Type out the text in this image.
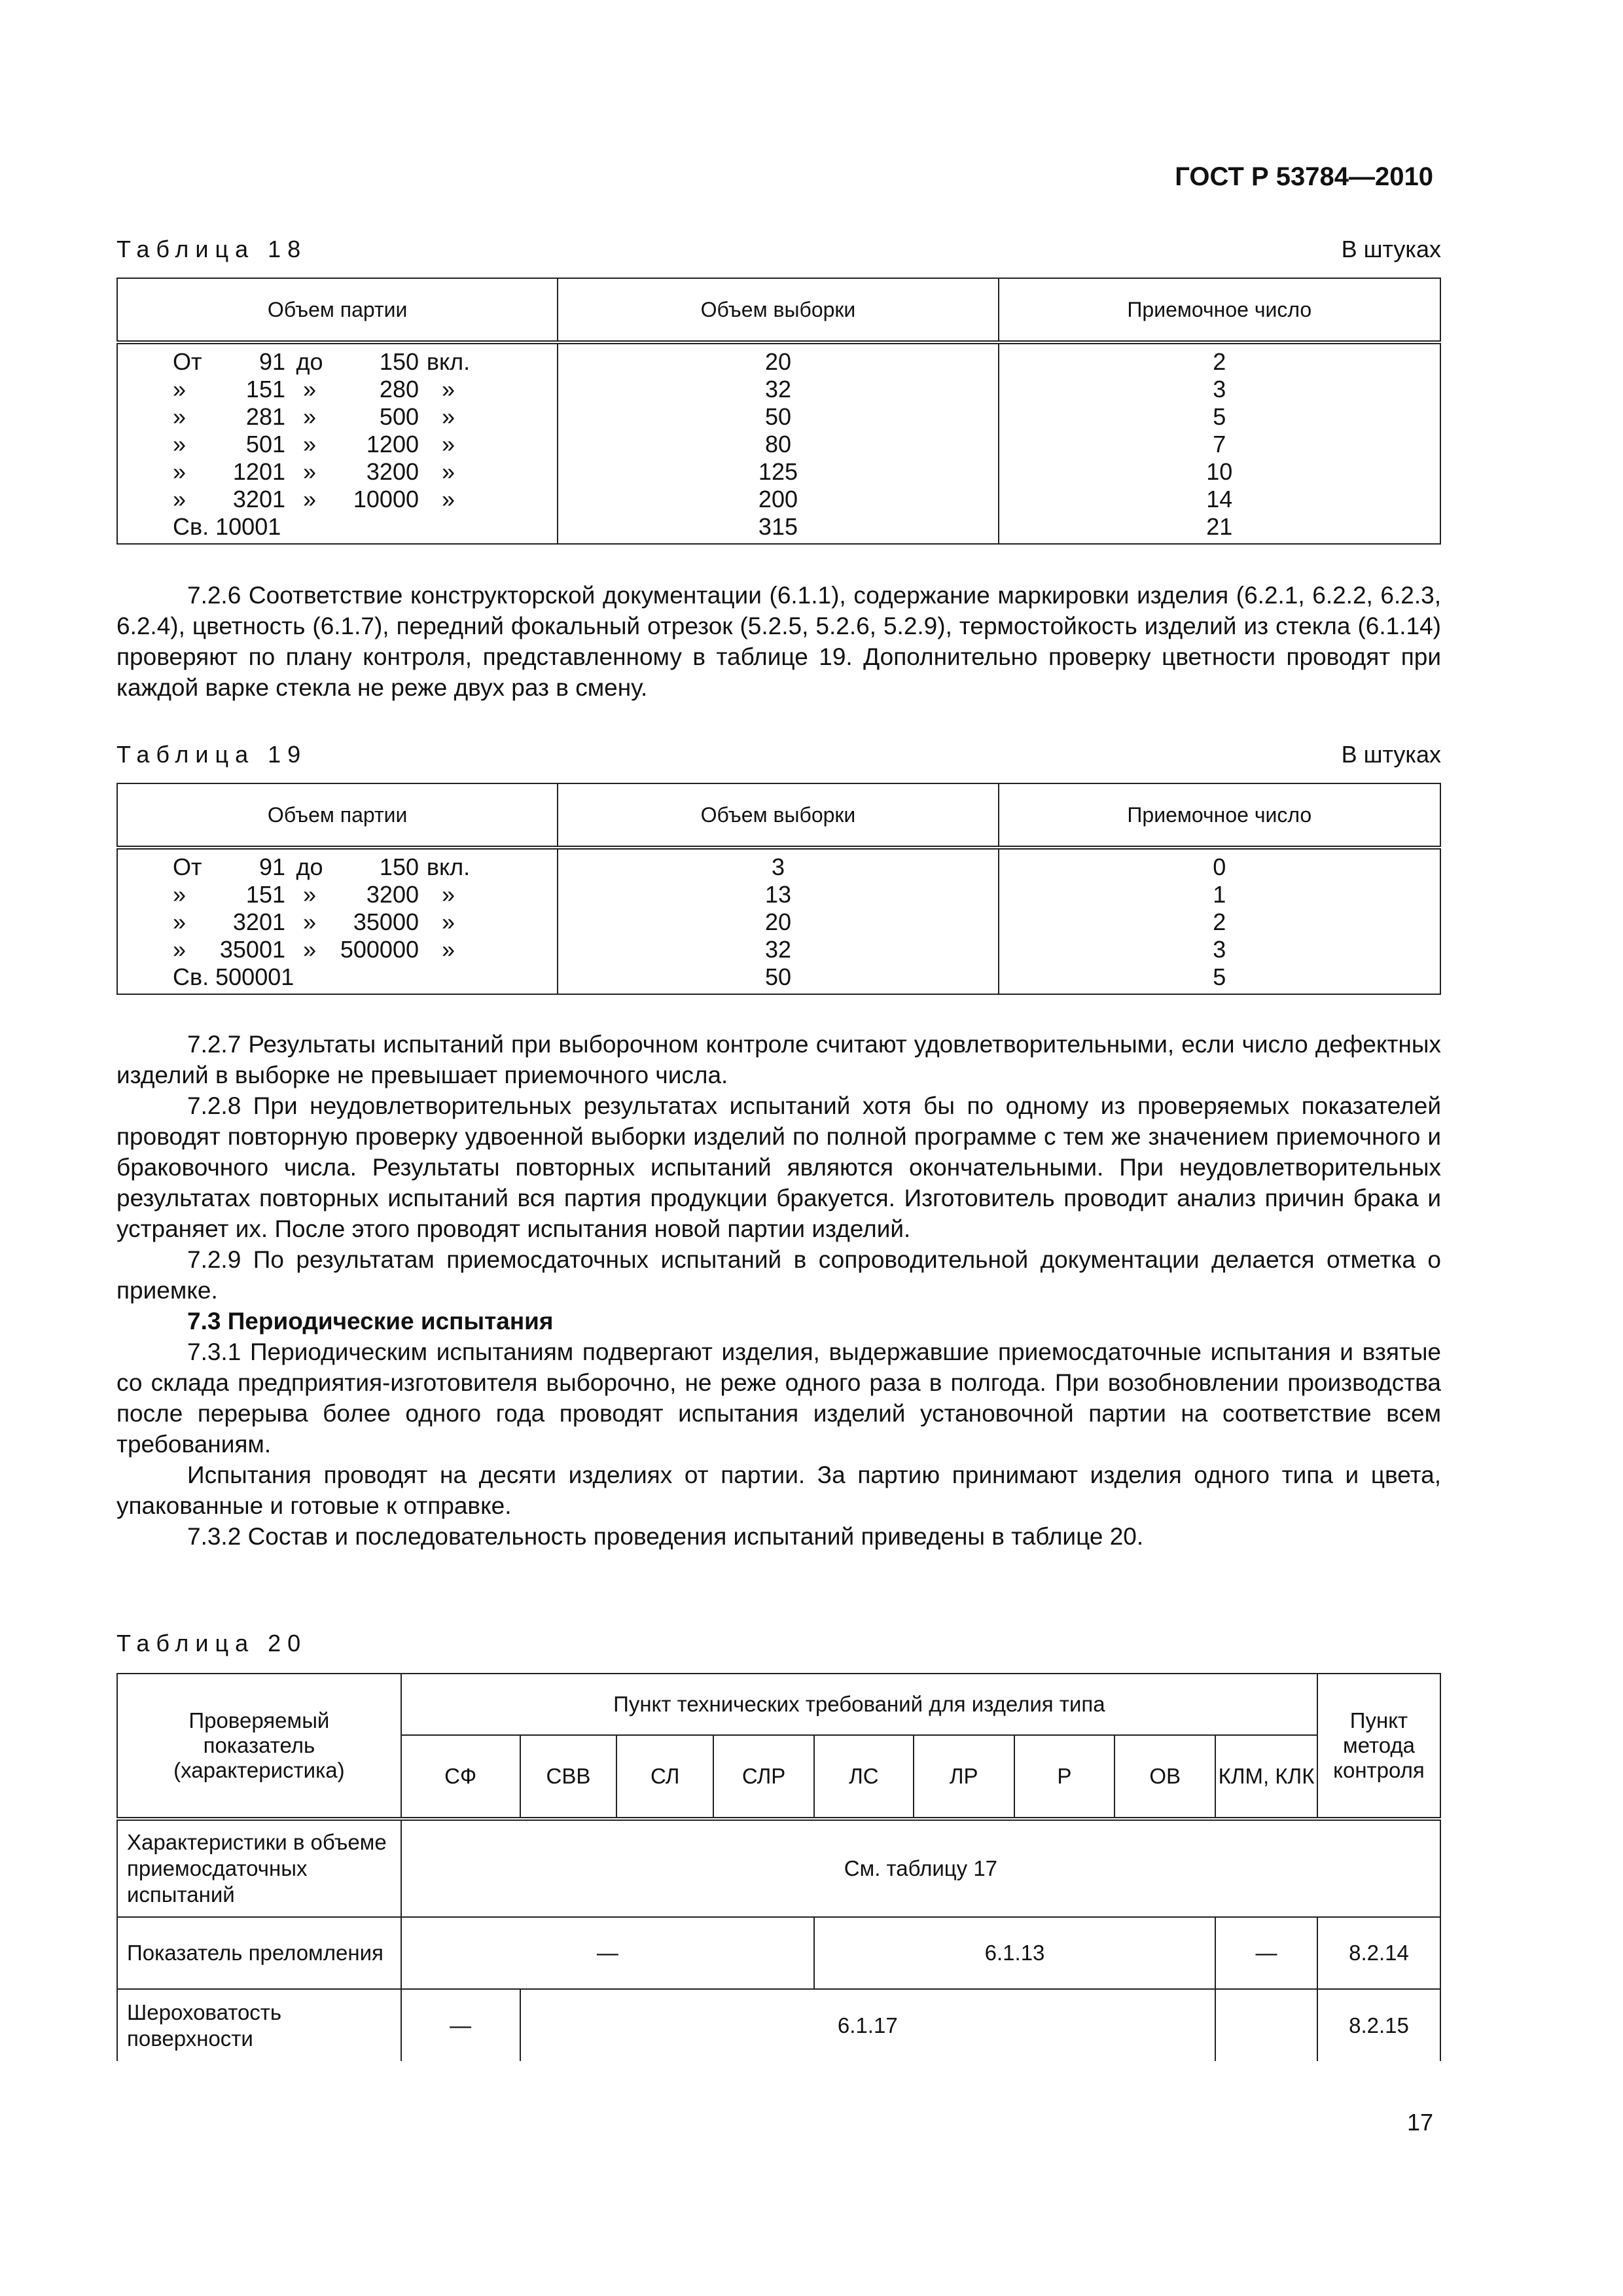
ГОСТ Р 53784—2010
Таблица 18	В штуках
Объем партии	Объем выборки	Приемочное число
От 91 до 150 вкл.	20	2
» 151 » 280 »	32	3
» 281 » 500 »	50	5
» 501 » 1200 »	80	7
» 1201 » 3200 »	125	10
» 3201 » 10000 »	200	14
Св. 10001	315	21

7.2.6 Соответствие конструкторской документации (6.1.1), содержание маркировки изделия (6.2.1, 6.2.2, 6.2.3, 6.2.4), цветность (6.1.7), передний фокальный отрезок (5.2.5, 5.2.6, 5.2.9), термостойкость изделий из стекла (6.1.14) проверяют по плану контроля, представленному в таблице 19. Дополнительно проверку цветности проводят при каждой варке стекла не реже двух раз в смену.

Таблица 19	В штуках
Объем партии	Объем выборки	Приемочное число
От 91 до 150 вкл.	3	0
» 151 » 3200 »	13	1
» 3201 » 35000 »	20	2
» 35001 » 500000 »	32	3
Св. 500001	50	5

7.2.7 Результаты испытаний при выборочном контроле считают удовлетворительными, если число дефектных изделий в выборке не превышает приемочного числа.

7.2.8 При неудовлетворительных результатах испытаний хотя бы по одному из проверяемых показателей проводят повторную проверку удвоенной выборки изделий по полной программе с тем же значением приемочного и браковочного числа. Результаты повторных испытаний являются окончательными. При неудовлетворительных результатах повторных испытаний вся партия продукции бракуется. Изготовитель проводит анализ причин брака и устраняет их. После этого проводят испытания новой партии изделий.

7.2.9 По результатам приемосдаточных испытаний в сопроводительной документации делается отметка о приемке.

7.3 Периодические испытания

7.3.1 Периодическим испытаниям подвергают изделия, выдержавшие приемосдаточные испытания и взятые со склада предприятия-изготовителя выборочно, не реже одного раза в полгода. При возобновлении производства после перерыва более одного года проводят испытания изделий установочной партии на соответствие всем требованиям.

Испытания проводят на десяти изделиях от партии. За партию принимают изделия одного типа и цвета, упакованные и готовые к отправке.

7.3.2 Состав и последовательность проведения испытаний приведены в таблице 20.

Таблица 20
Проверяемый показатель (характеристика)	Пункт технических требований для изделия типа									Пункт метода контроля
	СФ	СВВ	СЛ	СЛР	ЛС	ЛР	Р	ОВ	КЛМ, КЛК	
Характеристики в объеме приемосдаточных испытаний	См. таблицу 17									
Показатель преломления	—				6.1.13				—	8.2.14
Шероховатость поверхности	—	6.1.17								8.2.15
17
